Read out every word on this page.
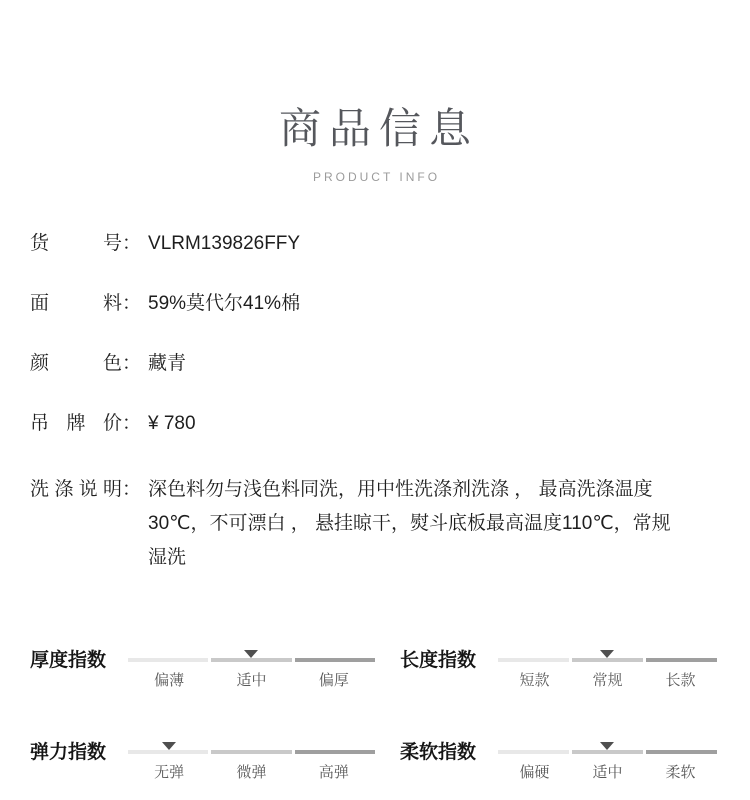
商品信息
PRODUCT INFO
货号 ： VLRM139826FFY
面料 ： 59%莫代尔41%棉
颜色 ： 藏青
吊牌价 ： ¥ 780
洗涤说明 ： 深色料勿与浅色料同洗，用中性洗涤剂洗涤 ， 最高洗涤温度30℃，不可漂白 ， 悬挂晾干，熨斗底板最高温度110℃，常规湿洗
厚度指数
偏薄	适中	偏厚
长度指数
短款	常规	长款
弹力指数
无弹	微弹	高弹
柔软指数
偏硬	适中	柔软
